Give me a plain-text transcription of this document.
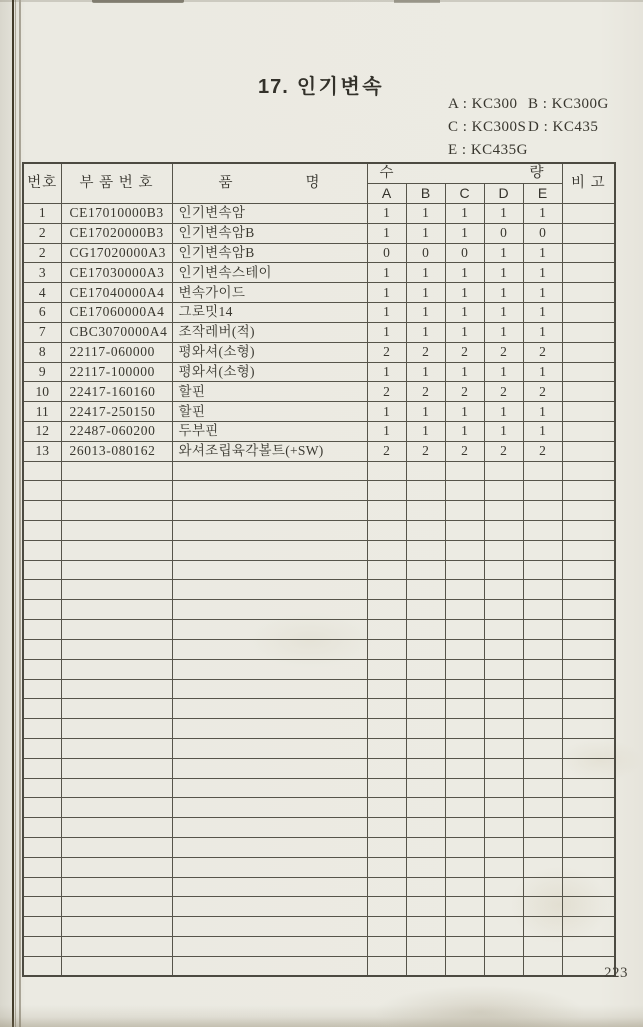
17. 인기변속
A : KC300 B : KC300G
C : KC300S D : KC435
E : KC435G
번호	부 품 번 호	품 명	수 량					비 고
			A	B	C	D	E	
1	CE17010000B3	인기변속암	1	1	1	1	1	
2	CE17020000B3	인기변속암B	1	1	1	0	0	
2	CG17020000A3	인기변속암B	0	0	0	1	1	
3	CE17030000A3	인기변속스테이	1	1	1	1	1	
4	CE17040000A4	변속가이드	1	1	1	1	1	
6	CE17060000A4	그로밋14	1	1	1	1	1	
7	CBC3070000A4	조작레버(적)	1	1	1	1	1	
8	22117-060000	평와셔(소형)	2	2	2	2	2	
9	22117-100000	평와셔(소형)	1	1	1	1	1	
10	22417-160160	할핀	2	2	2	2	2	
11	22417-250150	할핀	1	1	1	1	1	
12	22487-060200	두부핀	1	1	1	1	1	
13	26013-080162	와셔조립육각볼트(+SW)	2	2	2	2	2	

223
